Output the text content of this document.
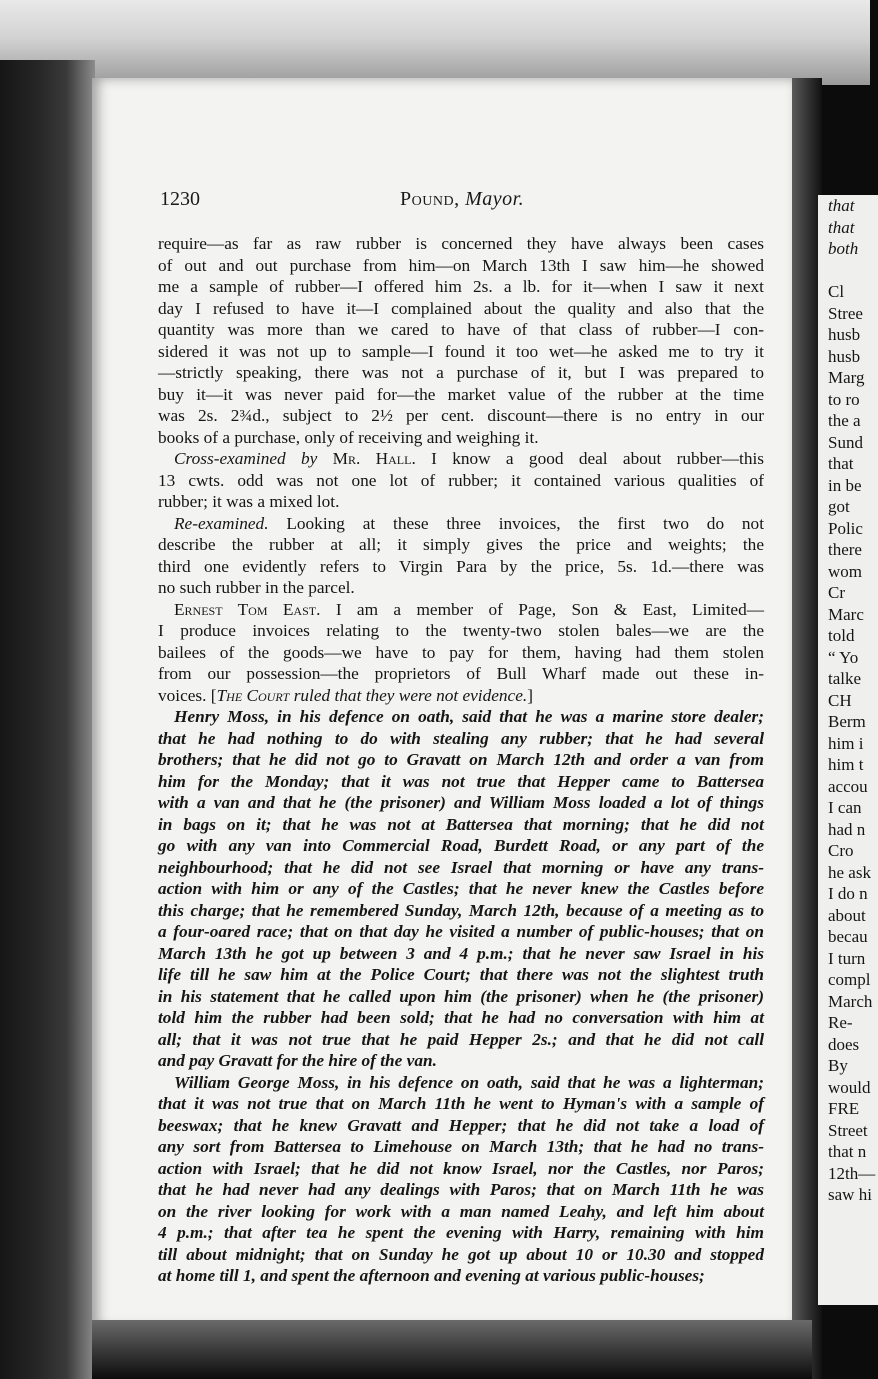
that
that
both

Cl
Stree
husb
husb
Marg
to ro
the a
Sund
that
in be
got
Polic
there
wom
Cr
Marc
told
“ Yo
talke
CH
Berm
him i
him t
accou
I can
had n
Cro
he ask
I do n
about
becau
I turn
compl
March
Re-
does
By
would
FRE
Street
that n
12th—
saw hi
1230	Pound, Mayor.
require—as far as raw rubber is concerned they have always been cases
of out and out purchase from him—on March 13th I saw him—he showed
me a sample of rubber—I offered him 2s. a lb. for it—when I saw it next
day I refused to have it—I complained about the quality and also that the
quantity was more than we cared to have of that class of rubber—I con-
sidered it was not up to sample—I found it too wet—he asked me to try it
—strictly speaking, there was not a purchase of it, but I was prepared to
buy it—it was never paid for—the market value of the rubber at the time
was 2s. 2¾d., subject to 2½ per cent. discount—there is no entry in our
books of a purchase, only of receiving and weighing it.
Cross-examined by Mr. Hall. I know a good deal about rubber—this
13 cwts. odd was not one lot of rubber; it contained various qualities of
rubber; it was a mixed lot.
Re-examined. Looking at these three invoices, the first two do not
describe the rubber at all; it simply gives the price and weights; the
third one evidently refers to Virgin Para by the price, 5s. 1d.—there was
no such rubber in the parcel.
Ernest Tom East. I am a member of Page, Son & East, Limited—
I produce invoices relating to the twenty-two stolen bales—we are the
bailees of the goods—we have to pay for them, having had them stolen
from our possession—the proprietors of Bull Wharf made out these in-
voices. [The Court ruled that they were not evidence.]
Henry Moss, in his defence on oath, said that he was a marine store dealer;
that he had nothing to do with stealing any rubber; that he had several
brothers; that he did not go to Gravatt on March 12th and order a van from
him for the Monday; that it was not true that Hepper came to Battersea
with a van and that he (the prisoner) and William Moss loaded a lot of things
in bags on it; that he was not at Battersea that morning; that he did not
go with any van into Commercial Road, Burdett Road, or any part of the
neighbourhood; that he did not see Israel that morning or have any trans-
action with him or any of the Castles; that he never knew the Castles before
this charge; that he remembered Sunday, March 12th, because of a meeting as to
a four-oared race; that on that day he visited a number of public-houses; that on
March 13th he got up between 3 and 4 p.m.; that he never saw Israel in his
life till he saw him at the Police Court; that there was not the slightest truth
in his statement that he called upon him (the prisoner) when he (the prisoner)
told him the rubber had been sold; that he had no conversation with him at
all; that it was not true that he paid Hepper 2s.; and that he did not call
and pay Gravatt for the hire of the van.
William George Moss, in his defence on oath, said that he was a lighterman;
that it was not true that on March 11th he went to Hyman's with a sample of
beeswax; that he knew Gravatt and Hepper; that he did not take a load of
any sort from Battersea to Limehouse on March 13th; that he had no trans-
action with Israel; that he did not know Israel, nor the Castles, nor Paros;
that he had never had any dealings with Paros; that on March 11th he was
on the river looking for work with a man named Leahy, and left him about
4 p.m.; that after tea he spent the evening with Harry, remaining with him
till about midnight; that on Sunday he got up about 10 or 10.30 and stopped
at home till 1, and spent the afternoon and evening at various public-houses;
